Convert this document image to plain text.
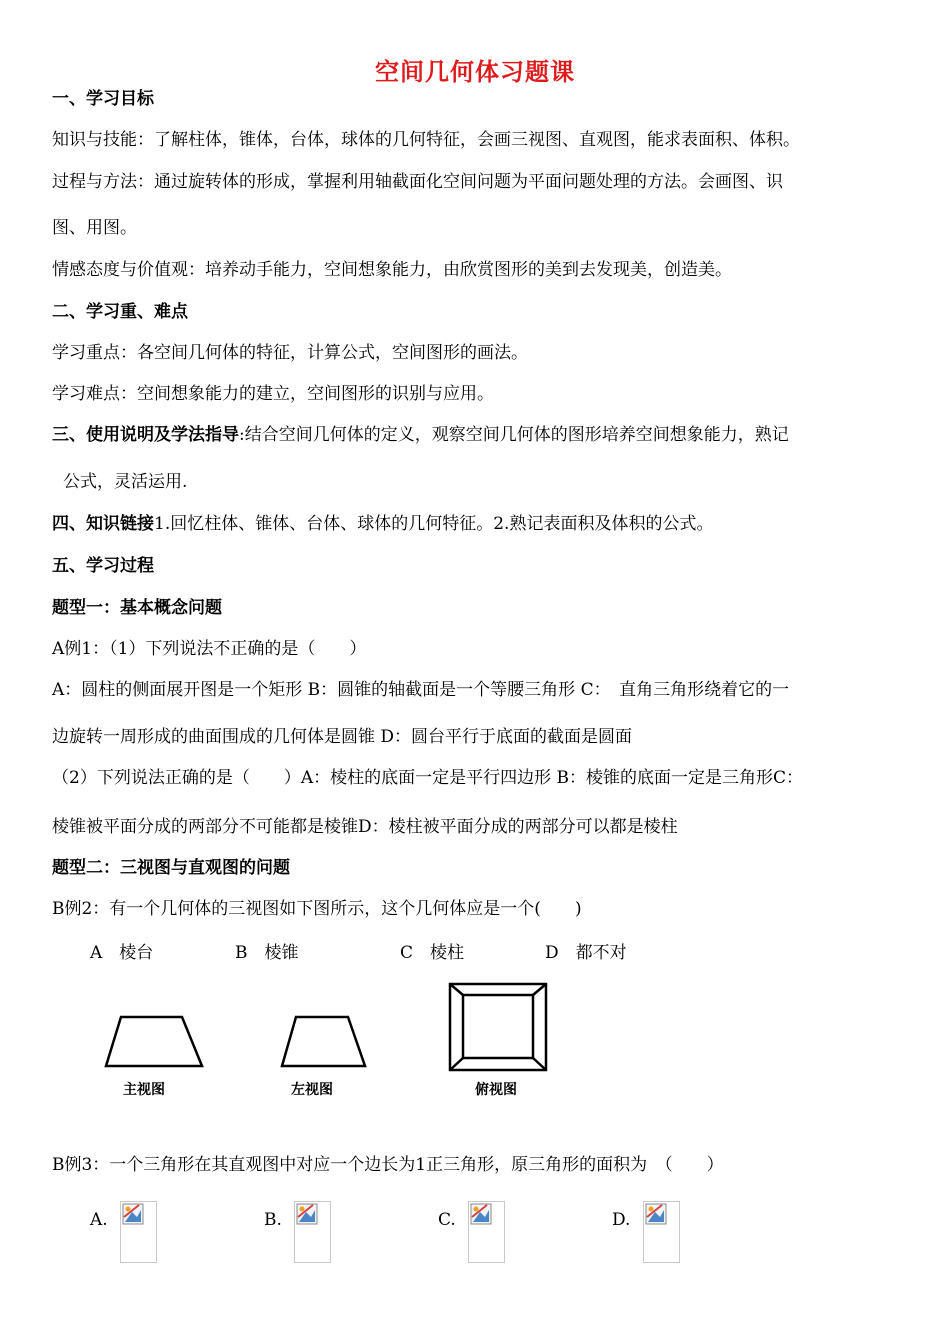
空间几何体习题课
一、学习目标
知识与技能：了解柱体，锥体，台体，球体的几何特征，会画三视图、直观图，能求表面积、体积。
过程与方法：通过旋转体的形成，掌握利用轴截面化空间问题为平面问题处理的方法。会画图、识
图、用图。
情感态度与价值观：培养动手能力，空间想象能力，由欣赏图形的美到去发现美，创造美。
二、学习重、难点
学习重点：各空间几何体的特征，计算公式，空间图形的画法。
学习难点：空间想象能力的建立，空间图形的识别与应用。
三、使用说明及学法指导:结合空间几何体的定义，观察空间几何体的图形培养空间想象能力，熟记
公式，灵活运用.
四、知识链接1.回忆柱体、锥体、台体、球体的几何特征。2.熟记表面积及体积的公式。
五、学习过程
题型一：基本概念问题
A例1：（1）下列说法不正确的是（　　）
A：圆柱的侧面展开图是一个矩形 B：圆锥的轴截面是一个等腰三角形 C：　直角三角形绕着它的一
边旋转一周形成的曲面围成的几何体是圆锥 D：圆台平行于底面的截面是圆面
（2）下列说法正确的是（　　）A：棱柱的底面一定是平行四边形 B：棱锥的底面一定是三角形C：
棱锥被平面分成的两部分不可能都是棱锥D：棱柱被平面分成的两部分可以都是棱柱
题型二：三视图与直观图的问题
B例2：有一个几何体的三视图如下图所示，这个几何体应是一个(　　)
A　棱台	B　棱锥	C　棱柱	D　都不对
主视图	左视图	俯视图
B例3：一个三角形在其直观图中对应一个边长为1正三角形，原三角形的面积为　（　　）
A.	B.	C.	D.
